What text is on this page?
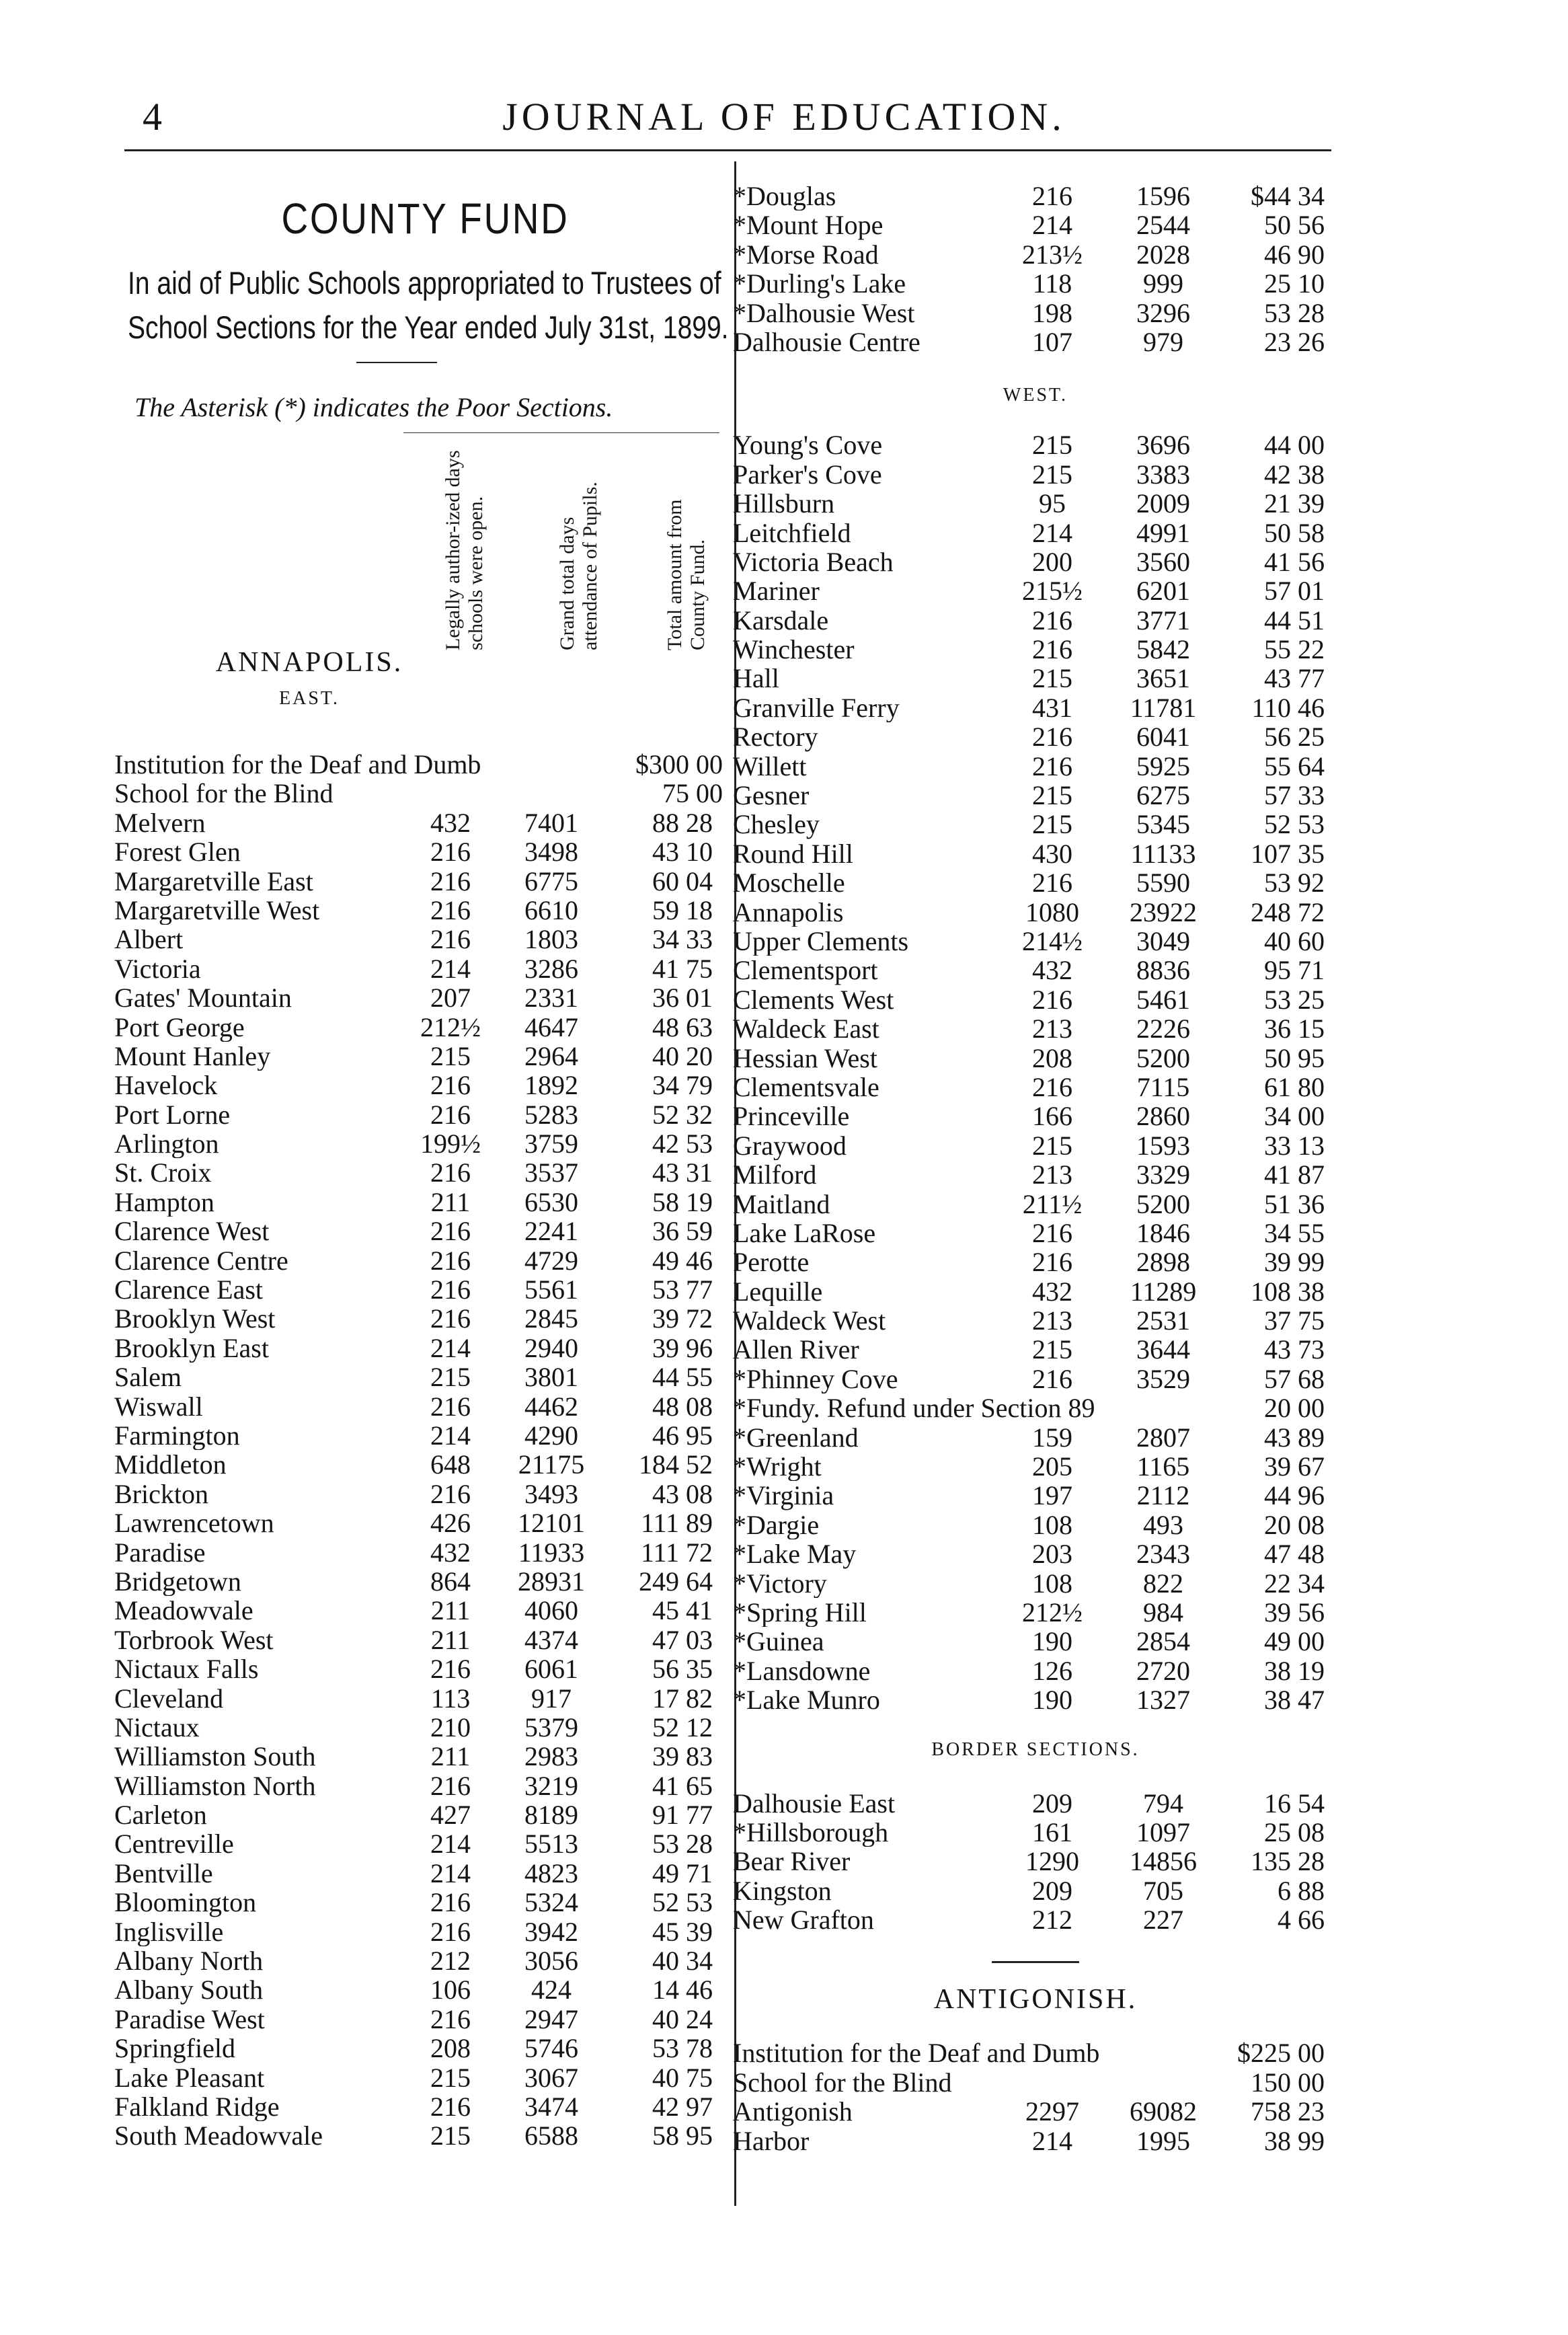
JOURNAL OF EDUCATION.
4
COUNTY FUND
In aid of Public Schools appropriated to Trustees of School Sections for the Year ended July 31st, 1899.
The Asterisk (*) indicates the Poor Sections.
Legally author-ized days schools were open.	Grand total days attendance of Pupils.	Total amount from County Fund.
ANNAPOLIS.
EAST.
Institution for the Deaf and Dumb	$300 00
School for the Blind	75 00
Melvern	432	7401	88 28
Forest Glen	216	3498	43 10
Margaretville East	216	6775	60 04
Margaretville West	216	6610	59 18
Albert	216	1803	34 33
Victoria	214	3286	41 75
Gates' Mountain	207	2331	36 01
Port George	212½	4647	48 63
Mount Hanley	215	2964	40 20
Havelock	216	1892	34 79
Port Lorne	216	5283	52 32
Arlington	199½	3759	42 53
St. Croix	216	3537	43 31
Hampton	211	6530	58 19
Clarence West	216	2241	36 59
Clarence Centre	216	4729	49 46
Clarence East	216	5561	53 77
Brooklyn West	216	2845	39 72
Brooklyn East	214	2940	39 96
Salem	215	3801	44 55
Wiswall	216	4462	48 08
Farmington	214	4290	46 95
Middleton	648	21175	184 52
Brickton	216	3493	43 08
Lawrencetown	426	12101	111 89
Paradise	432	11933	111 72
Bridgetown	864	28931	249 64
Meadowvale	211	4060	45 41
Torbrook West	211	4374	47 03
Nictaux Falls	216	6061	56 35
Cleveland	113	917	17 82
Nictaux	210	5379	52 12
Williamston South	211	2983	39 83
Williamston North	216	3219	41 65
Carleton	427	8189	91 77
Centreville	214	5513	53 28
Bentville	214	4823	49 71
Bloomington	216	5324	52 53
Inglisville	216	3942	45 39
Albany North	212	3056	40 34
Albany South	106	424	14 46
Paradise West	216	2947	40 24
Springfield	208	5746	53 78
Lake Pleasant	215	3067	40 75
Falkland Ridge	216	3474	42 97
South Meadowvale	215	6588	58 95
*Douglas	216	1596	$44 34
*Mount Hope	214	2544	50 56
*Morse Road	213½	2028	46 90
*Durling's Lake	118	999	25 10
*Dalhousie West	198	3296	53 28
Dalhousie Centre	107	979	23 26
WEST.
Young's Cove	215	3696	44 00
Parker's Cove	215	3383	42 38
Hillsburn	95	2009	21 39
Leitchfield	214	4991	50 58
Victoria Beach	200	3560	41 56
Mariner	215½	6201	57 01
Karsdale	216	3771	44 51
Winchester	216	5842	55 22
Hall	215	3651	43 77
Granville Ferry	431	11781	110 46
Rectory	216	6041	56 25
Willett	216	5925	55 64
Gesner	215	6275	57 33
Chesley	215	5345	52 53
Round Hill	430	11133	107 35
Moschelle	216	5590	53 92
Annapolis	1080	23922	248 72
Upper Clements	214½	3049	40 60
Clementsport	432	8836	95 71
Clements West	216	5461	53 25
Waldeck East	213	2226	36 15
Hessian West	208	5200	50 95
Clementsvale	216	7115	61 80
Princeville	166	2860	34 00
Graywood	215	1593	33 13
Milford	213	3329	41 87
Maitland	211½	5200	51 36
Lake LaRose	216	1846	34 55
Perotte	216	2898	39 99
Lequille	432	11289	108 38
Waldeck West	213	2531	37 75
Allen River	215	3644	43 73
*Phinney Cove	216	3529	57 68
*Fundy. Refund under Section 89	20 00
*Greenland	159	2807	43 89
*Wright	205	1165	39 67
*Virginia	197	2112	44 96
*Dargie	108	493	20 08
*Lake May	203	2343	47 48
*Victory	108	822	22 34
*Spring Hill	212½	984	39 56
*Guinea	190	2854	49 00
*Lansdowne	126	2720	38 19
*Lake Munro	190	1327	38 47
BORDER SECTIONS.
Dalhousie East	209	794	16 54
*Hillsborough	161	1097	25 08
Bear River	1290	14856	135 28
Kingston	209	705	6 88
New Grafton	212	227	4 66
ANTIGONISH.
Institution for the Deaf and Dumb	$225 00
School for the Blind	150 00
Antigonish	2297	69082	758 23
Harbor	214	1995	38 99
